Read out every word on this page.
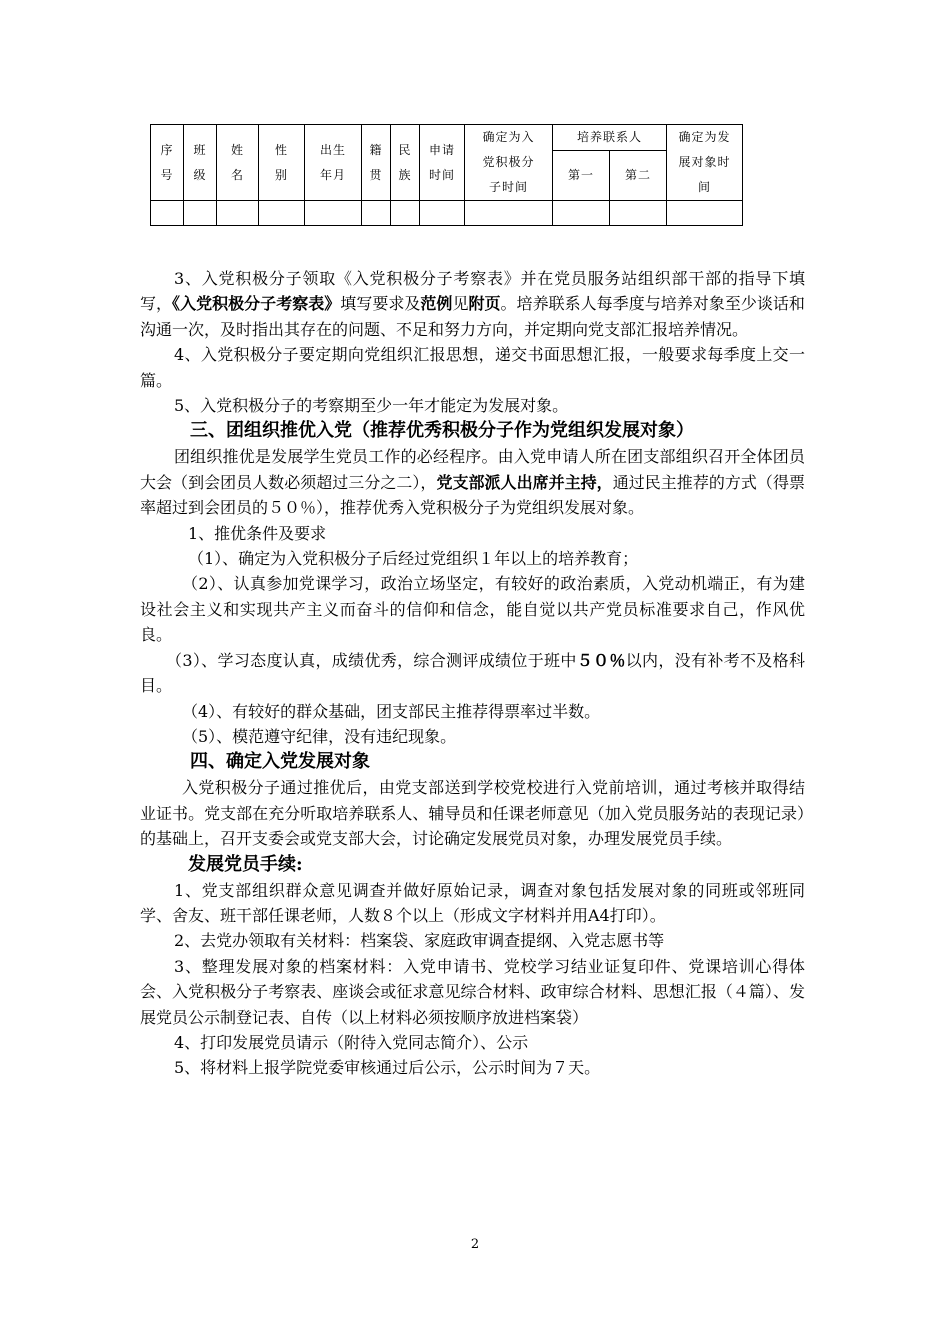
序号	班级	姓名	性别	出生年月	籍贯	民族	申请时间	确定为入党积极分子时间	培养联系人		确定为发展对象时间

									第一	第二	

3、入党积极分子领取《入党积极分子考察表》并在党员服务站组织部干部的指导下填写，《入党积极分子考察表》填写要求及范例见附页。培养联系人每季度与培养对象至少谈话和沟通一次，及时指出其存在的问题、不足和努力方向，并定期向党支部汇报培养情况。

4、入党积极分子要定期向党组织汇报思想，递交书面思想汇报，一般要求每季度上交一篇。

5、入党积极分子的考察期至少一年才能定为发展对象。

三、团组织推优入党（推荐优秀积极分子作为党组织发展对象）

团组织推优是发展学生党员工作的必经程序。由入党申请人所在团支部组织召开全体团员大会（到会团员人数必须超过三分之二），党支部派人出席并主持，通过民主推荐的方式（得票率超过到会团员的５０％），推荐优秀入党积极分子为党组织发展对象。

1、推优条件及要求

（1）、确定为入党积极分子后经过党组织１年以上的培养教育；

（2）、认真参加党课学习，政治立场坚定，有较好的政治素质，入党动机端正，有为建设社会主义和实现共产主义而奋斗的信仰和信念，能自觉以共产党员标准要求自己，作风优良。

（3）、学习态度认真，成绩优秀，综合测评成绩位于班中５０％以内，没有补考不及格科目。

（4）、有较好的群众基础，团支部民主推荐得票率过半数。

（5）、模范遵守纪律，没有违纪现象。

四、确定入党发展对象

入党积极分子通过推优后，由党支部送到学校党校进行入党前培训，通过考核并取得结业证书。党支部在充分听取培养联系人、辅导员和任课老师意见（加入党员服务站的表现记录）的基础上，召开支委会或党支部大会，讨论确定发展党员对象，办理发展党员手续。

发展党员手续:

1、党支部组织群众意见调查并做好原始记录，调查对象包括发展对象的同班或邻班同学、舍友、班干部任课老师，人数８个以上（形成文字材料并用A4打印）。

2、去党办领取有关材料：档案袋、家庭政审调查提纲、入党志愿书等

3、整理发展对象的档案材料：入党申请书、党校学习结业证复印件、党课培训心得体会、入党积极分子考察表、座谈会或征求意见综合材料、政审综合材料、思想汇报（４篇）、发展党员公示制登记表、自传（以上材料必须按顺序放进档案袋）

4、打印发展党员请示（附待入党同志简介）、公示

5、将材料上报学院党委审核通过后公示，公示时间为７天。

2
